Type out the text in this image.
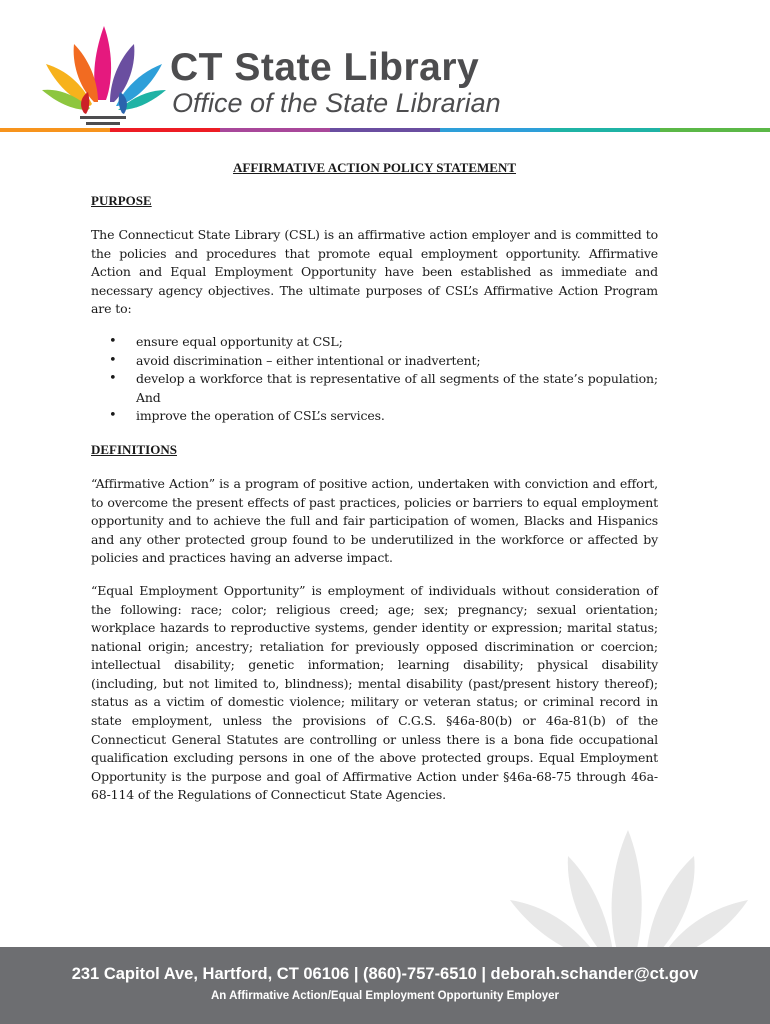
CT State Library
Office of the State Librarian
AFFIRMATIVE ACTION POLICY STATEMENT
PURPOSE

The Connecticut State Library (CSL) is an affirmative action employer and is committed to the policies and procedures that promote equal employment opportunity. Affirmative Action and Equal Employment Opportunity have been established as immediate and necessary agency objectives. The ultimate purposes of CSL’s Affirmative Action Program are to:

• ensure equal opportunity at CSL;
• avoid discrimination – either intentional or inadvertent;
• develop a workforce that is representative of all segments of the state’s population; And
• improve the operation of CSL’s services.
DEFINITIONS

“Affirmative Action” is a program of positive action, undertaken with conviction and effort, to overcome the present effects of past practices, policies or barriers to equal employment opportunity and to achieve the full and fair participation of women, Blacks and Hispanics and any other protected group found to be underutilized in the workforce or affected by policies and practices having an adverse impact.

“Equal Employment Opportunity” is employment of individuals without consideration of the following: race; color; religious creed; age; sex; pregnancy; sexual orientation; workplace hazards to reproductive systems, gender identity or expression; marital status; national origin; ancestry; retaliation for previously opposed discrimination or coercion; intellectual disability; genetic information; learning disability; physical disability (including, but not limited to, blindness); mental disability (past/present history thereof); status as a victim of domestic violence; military or veteran status; or criminal record in state employment, unless the provisions of C.G.S. §46a-80(b) or 46a-81(b) of the Connecticut General Statutes are controlling or unless there is a bona fide occupational qualification excluding persons in one of the above protected groups. Equal Employment Opportunity is the purpose and goal of Affirmative Action under §46a-68-75 through 46a-68-114 of the Regulations of Connecticut State Agencies.

231 Capitol Ave, Hartford, CT 06106 | (860)-757-6510 | deborah.schander@ct.gov
An Affirmative Action/Equal Employment Opportunity Employer
